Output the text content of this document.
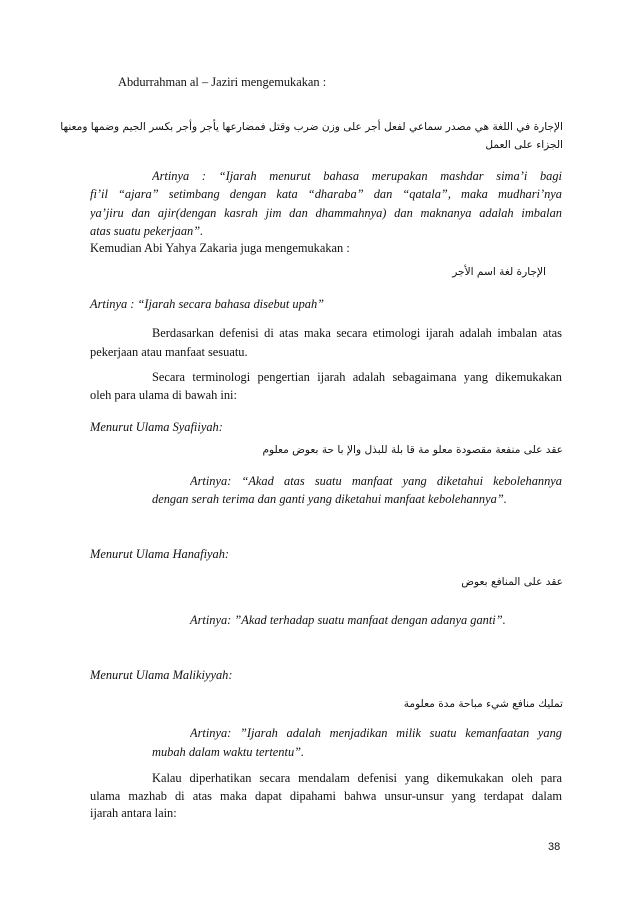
Abdurrahman al – Jaziri mengemukakan :
الإجارة في اللغة هي مصدر سماعي لفعل أجر على وزن ضرب وقتل فمضارعها يأجر وأجر بكسر الجيم وضمها ومعنها
الجزاء على العمل
Artinya : “Ijarah menurut bahasa merupakan mashdar sima’i bagi
fi’il “ajara” setimbang dengan kata “dharaba” dan “qatala”, maka mudhari’nya
ya’jiru dan ajir(dengan kasrah jim dan dhammahnya) dan maknanya adalah imbalan
atas suatu pekerjaan”.
Kemudian Abi Yahya Zakaria juga mengemukakan :
الإجارة لغة اسم الأجر
Artinya : “Ijarah secara bahasa disebut upah”
Berdasarkan defenisi di atas maka secara etimologi ijarah adalah imbalan atas
pekerjaan atau manfaat sesuatu.
Secara terminologi pengertian ijarah adalah sebagaimana yang dikemukakan
oleh para ulama di bawah ini:
Menurut Ulama Syafiiyah:
عقد على منفعة مقصودة معلو مة قا بلة للبذل والإ با حة بعوض معلوم
Artinya: “Akad atas suatu manfaat yang diketahui kebolehannya
dengan serah terima dan ganti yang diketahui manfaat kebolehannya”.
Menurut Ulama Hanafiyah:
عقد على المنافع بعوض
Artinya: ”Akad terhadap suatu manfaat dengan adanya ganti”.
Menurut Ulama Malikiyyah:
تمليك منافع شيء مباحة مدة معلومة
Artinya: ”Ijarah adalah menjadikan milik suatu kemanfaatan yang
mubah dalam waktu tertentu”.
Kalau diperhatikan secara mendalam defenisi yang dikemukakan oleh para
ulama mazhab di atas maka dapat dipahami bahwa unsur-unsur yang terdapat dalam
ijarah antara lain:
38
